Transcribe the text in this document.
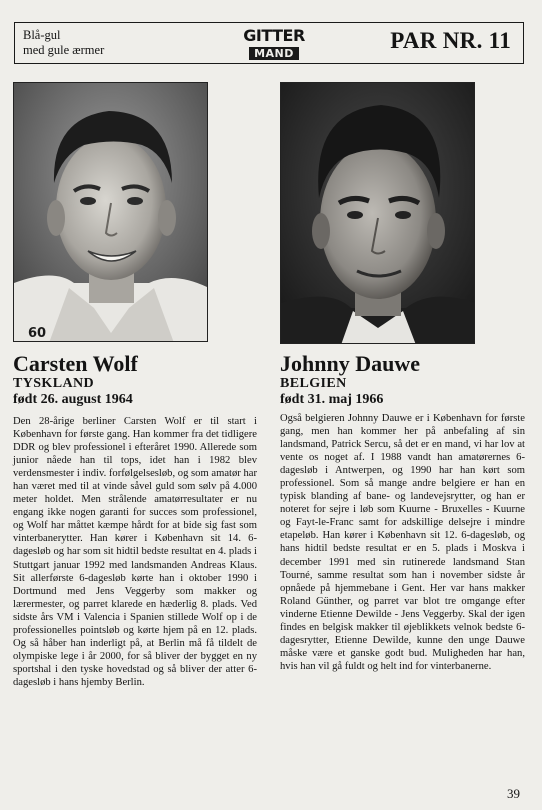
Blå-gul
med gule ærmer
GITTER
MAND
PAR NR. 11
60
Carsten Wolf
TYSKLAND
født 26. august 1964
Den 28-årige berliner Carsten Wolf er til start i København for første gang. Han kommer fra det tidligere DDR og blev professionel i efteråret 1990. Allerede som junior nåede han til tops, idet han i 1982 blev verdensmester i indiv. forfølgelsesløb, og som amatør har han været med til at vinde såvel guld som sølv på 4.000 meter holdet. Men strålende amatørresultater er nu engang ikke nogen garanti for succes som professionel, og Wolf har måttet kæmpe hårdt for at bide sig fast som vinterbanerytter. Han kører i København sit 14. 6-dagesløb og har som sit hidtil bedste resultat en 4. plads i Stuttgart januar 1992 med landsmanden Andreas Klaus. Sit allerførste 6-dagesløb kørte han i oktober 1990 i Dortmund med Jens Veggerby som makker og lærermester, og parret klarede en hæderlig 8. plads. Ved sidste års VM i Valencia i Spanien stillede Wolf op i de professionelles pointsløb og kørte hjem på en 12. plads. Og så håber han inderligt på, at Berlin må få tildelt de olympiske lege i år 2000, for så bliver der bygget en ny sportshal i den tyske hovedstad og så bliver der atter 6-dagesløb i hans hjemby Berlin.
Johnny Dauwe
BELGIEN
født 31. maj 1966
Også belgieren Johnny Dauwe er i København for første gang, men han kommer her på anbefaling af sin landsmand, Patrick Sercu, så det er en mand, vi har lov at vente os noget af. I 1988 vandt han amatørernes 6-dagesløb i Antwerpen, og 1990 har han kørt som professionel. Som så mange andre belgiere er han en typisk blanding af bane- og landevejsrytter, og han er noteret for sejre i løb som Kuurne - Bruxelles - Kuurne og Fayt-le-Franc samt for adskillige delsejre i mindre etapeløb. Han kører i København sit 12. 6-dagesløb, og hans hidtil bedste resultat er en 5. plads i Moskva i december 1991 med sin rutinerede landsmand Stan Tourné, samme resultat som han i november sidste år opnåede på hjemmebane i Gent. Her var hans makker Roland Günther, og parret var blot tre omgange efter vinderne Etienne Dewilde - Jens Veggerby. Skal der igen findes en belgisk makker til øjeblikkets velnok bedste 6-dagesrytter, Etienne Dewilde, kunne den unge Dauwe måske være et ganske godt bud. Muligheden har han, hvis han vil gå fuldt og helt ind for vinterbanerne.
39
